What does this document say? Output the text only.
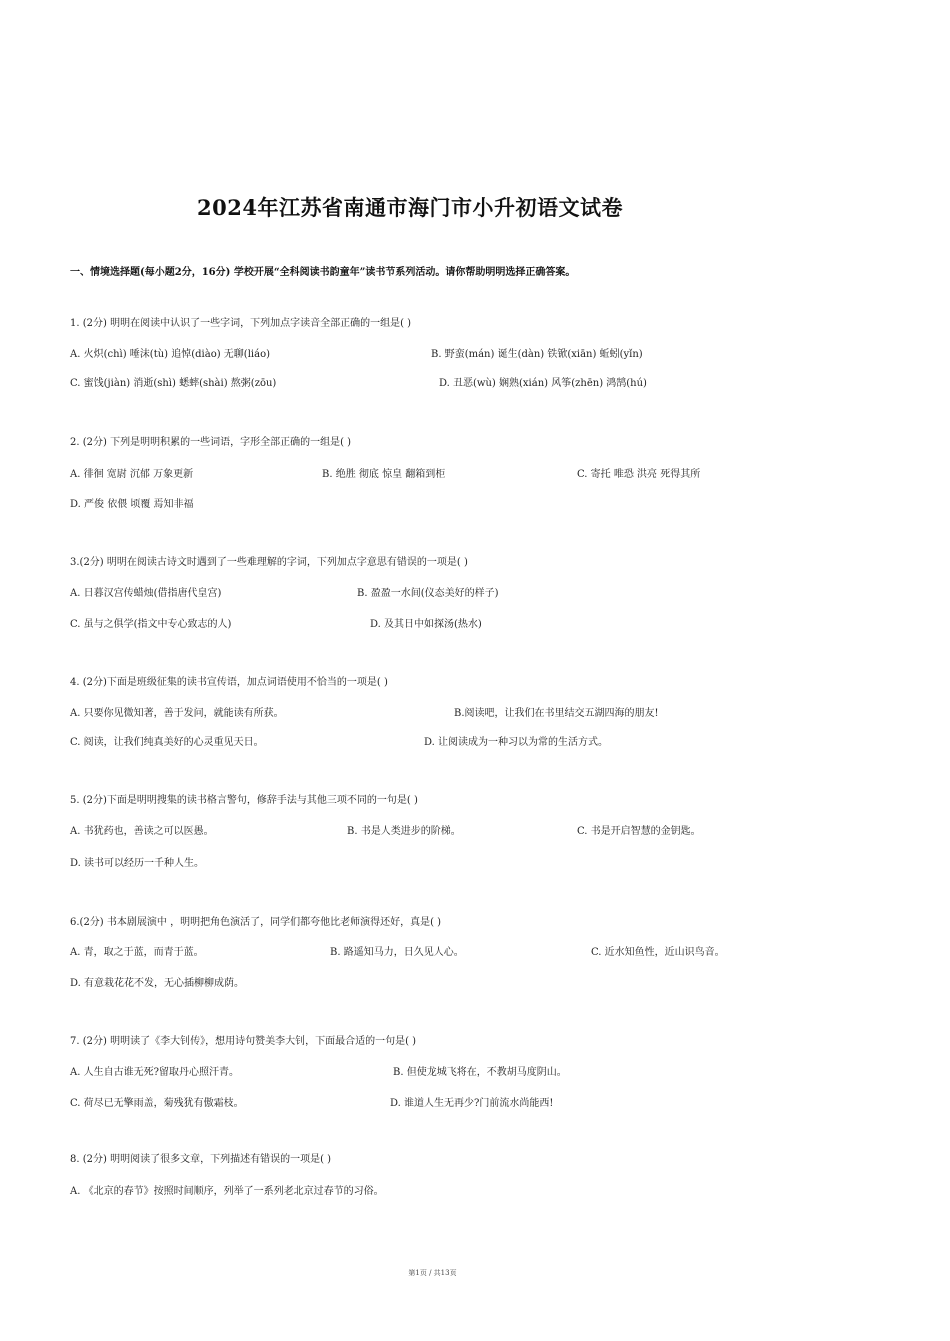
2024年江苏省南通市海门市小升初语文试卷
一、情境选择题(每小题2分，16分) 学校开展“全科阅读书韵童年”读书节系列活动。请你帮助明明选择正确答案。
1. (2分) 明明在阅读中认识了一些字词，下列加点字读音全部正确的一组是( )
A. 火炽(chì) 唾沫(tù) 追悼(diào) 无聊(liáo)	B. 野蛮(mán) 诞生(dàn) 铁锨(xiān) 蚯蚓(yǐn)
C. 蜜饯(jiàn) 消逝(shì) 蟋蟀(shài) 熬粥(zōu)	D. 丑恶(wù) 娴熟(xián) 风筝(zhēn) 鸿鹄(hú)
2. (2分) 下列是明明积累的一些词语，字形全部正确的一组是( )
A. 徘徊 宽尉 沉郁 万象更新	B. 绝胜 彻底 惊皇 翻箱到柜	C. 寄托 唯恐 洪亮 死得其所
D. 严俊 依偎 顷覆 焉知非福
3.(2分) 明明在阅读古诗文时遇到了一些难理解的字词，下列加点字意思有错误的一项是( )
A. 日暮汉宫传蜡烛(借指唐代皇宫)	B. 盈盈一水间(仪态美好的样子)
C. 虽与之俱学(指文中专心致志的人)	D. 及其日中如探汤(热水)
4. (2分)下面是班级征集的读书宣传语，加点词语使用不恰当的一项是( )
A. 只要你见微知著，善于发问，就能读有所获。	B.阅读吧，让我们在书里结交五湖四海的朋友!
C. 阅读，让我们纯真美好的心灵重见天日。	D. 让阅读成为一种习以为常的生活方式。
5. (2分)下面是明明搜集的读书格言警句，修辞手法与其他三项不同的一句是( )
A. 书犹药也，善读之可以医愚。	B. 书是人类进步的阶梯。	C. 书是开启智慧的金钥匙。
D. 读书可以经历一千种人生。
6.(2分) 书本剧展演中 ，明明把角色演活了，同学们都夸他比老师演得还好，真是( )
A. 青，取之于蓝，而青于蓝。	B. 路遥知马力，日久见人心。	C. 近水知鱼性，近山识鸟音。
D. 有意栽花花不发，无心插柳柳成荫。
7. (2分) 明明读了《李大钊传》，想用诗句赞美李大钊，下面最合适的一句是( )
A. 人生自古谁无死?留取丹心照汗青。	B. 但使龙城飞将在，不教胡马度阴山。
C. 荷尽已无擎雨盖，菊残犹有傲霜枝。	D. 谁道人生无再少?门前流水尚能西!
8. (2分) 明明阅读了很多文章，下列描述有错误的一项是( )
A. 《北京的春节》按照时间顺序，列举了一系列老北京过春节的习俗。
第1页 / 共13页
